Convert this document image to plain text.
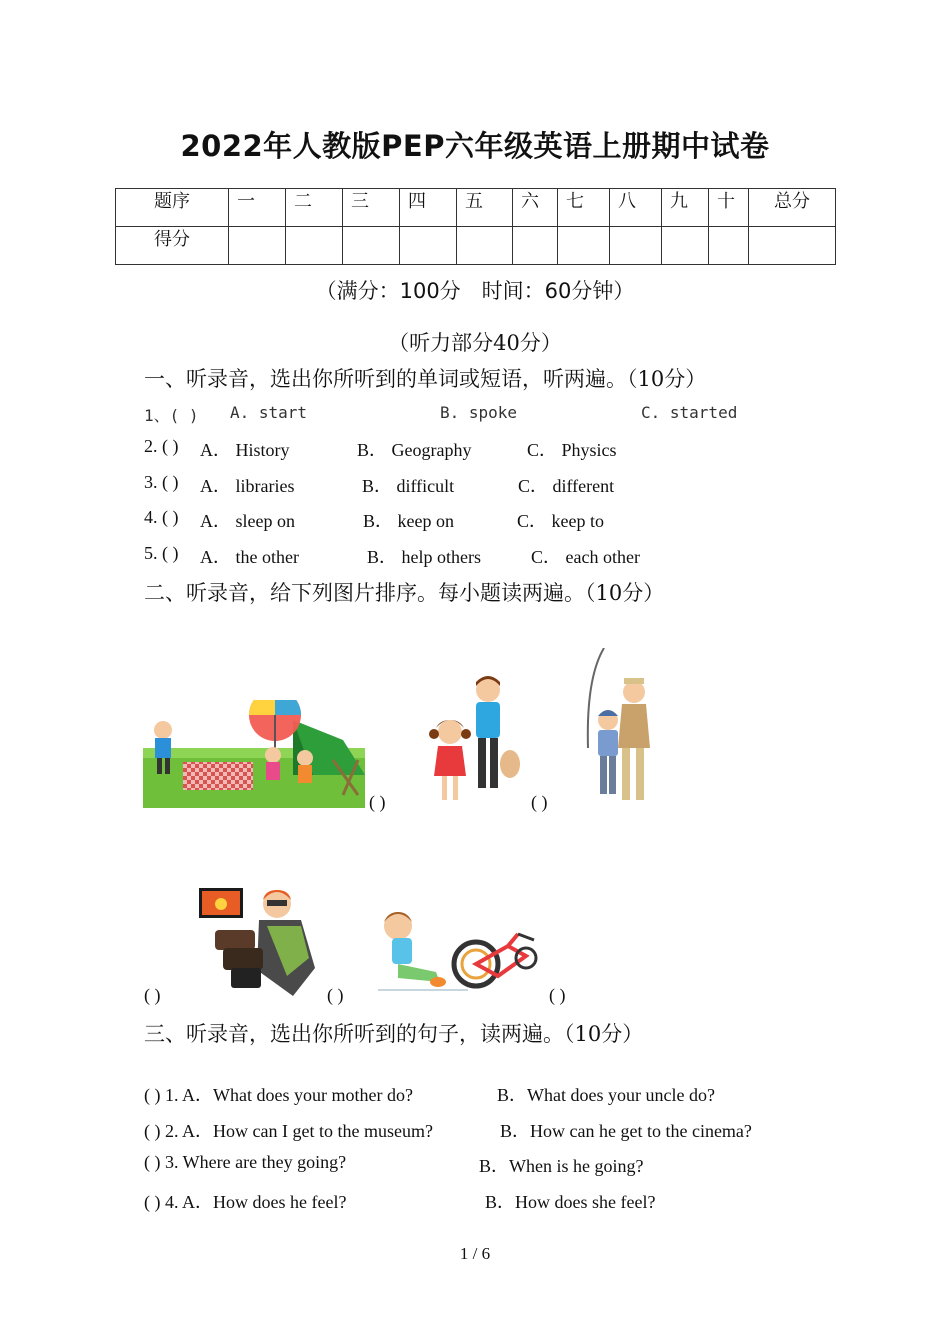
2022年人教版PEP六年级英语上册期中试卷
题序	一	二	三	四	五	六	七	八	九	十	总分
得分											
（满分：100分　时间：60分钟）
（听力部分40分）
一、听录音，选出你所听到的单词或短语，听两遍。（10分）
1、( ) A. start	B. spoke	C. started
2. ( ) A． History	B． Geography	C． Physics
3. ( ) A． libraries	B． difficult	C． different
4. ( ) A． sleep on	B． keep on	C． keep to
5. ( ) A． the other	B． help others	C． each other
二、听录音，给下列图片排序。每小题读两遍。（10分）
( )	( )
( )	( )	( )
三、听录音，选出你所听到的句子，读两遍。（10分）
( ) 1. A．What does your mother do?	B．What does your uncle do?
( ) 2. A．How can I get to the museum?	B．How can he get to the cinema?
( ) 3. Where are they going?	B．When is he going?
( ) 4. A．How does he feel?	B．How does she feel?
1 / 6
